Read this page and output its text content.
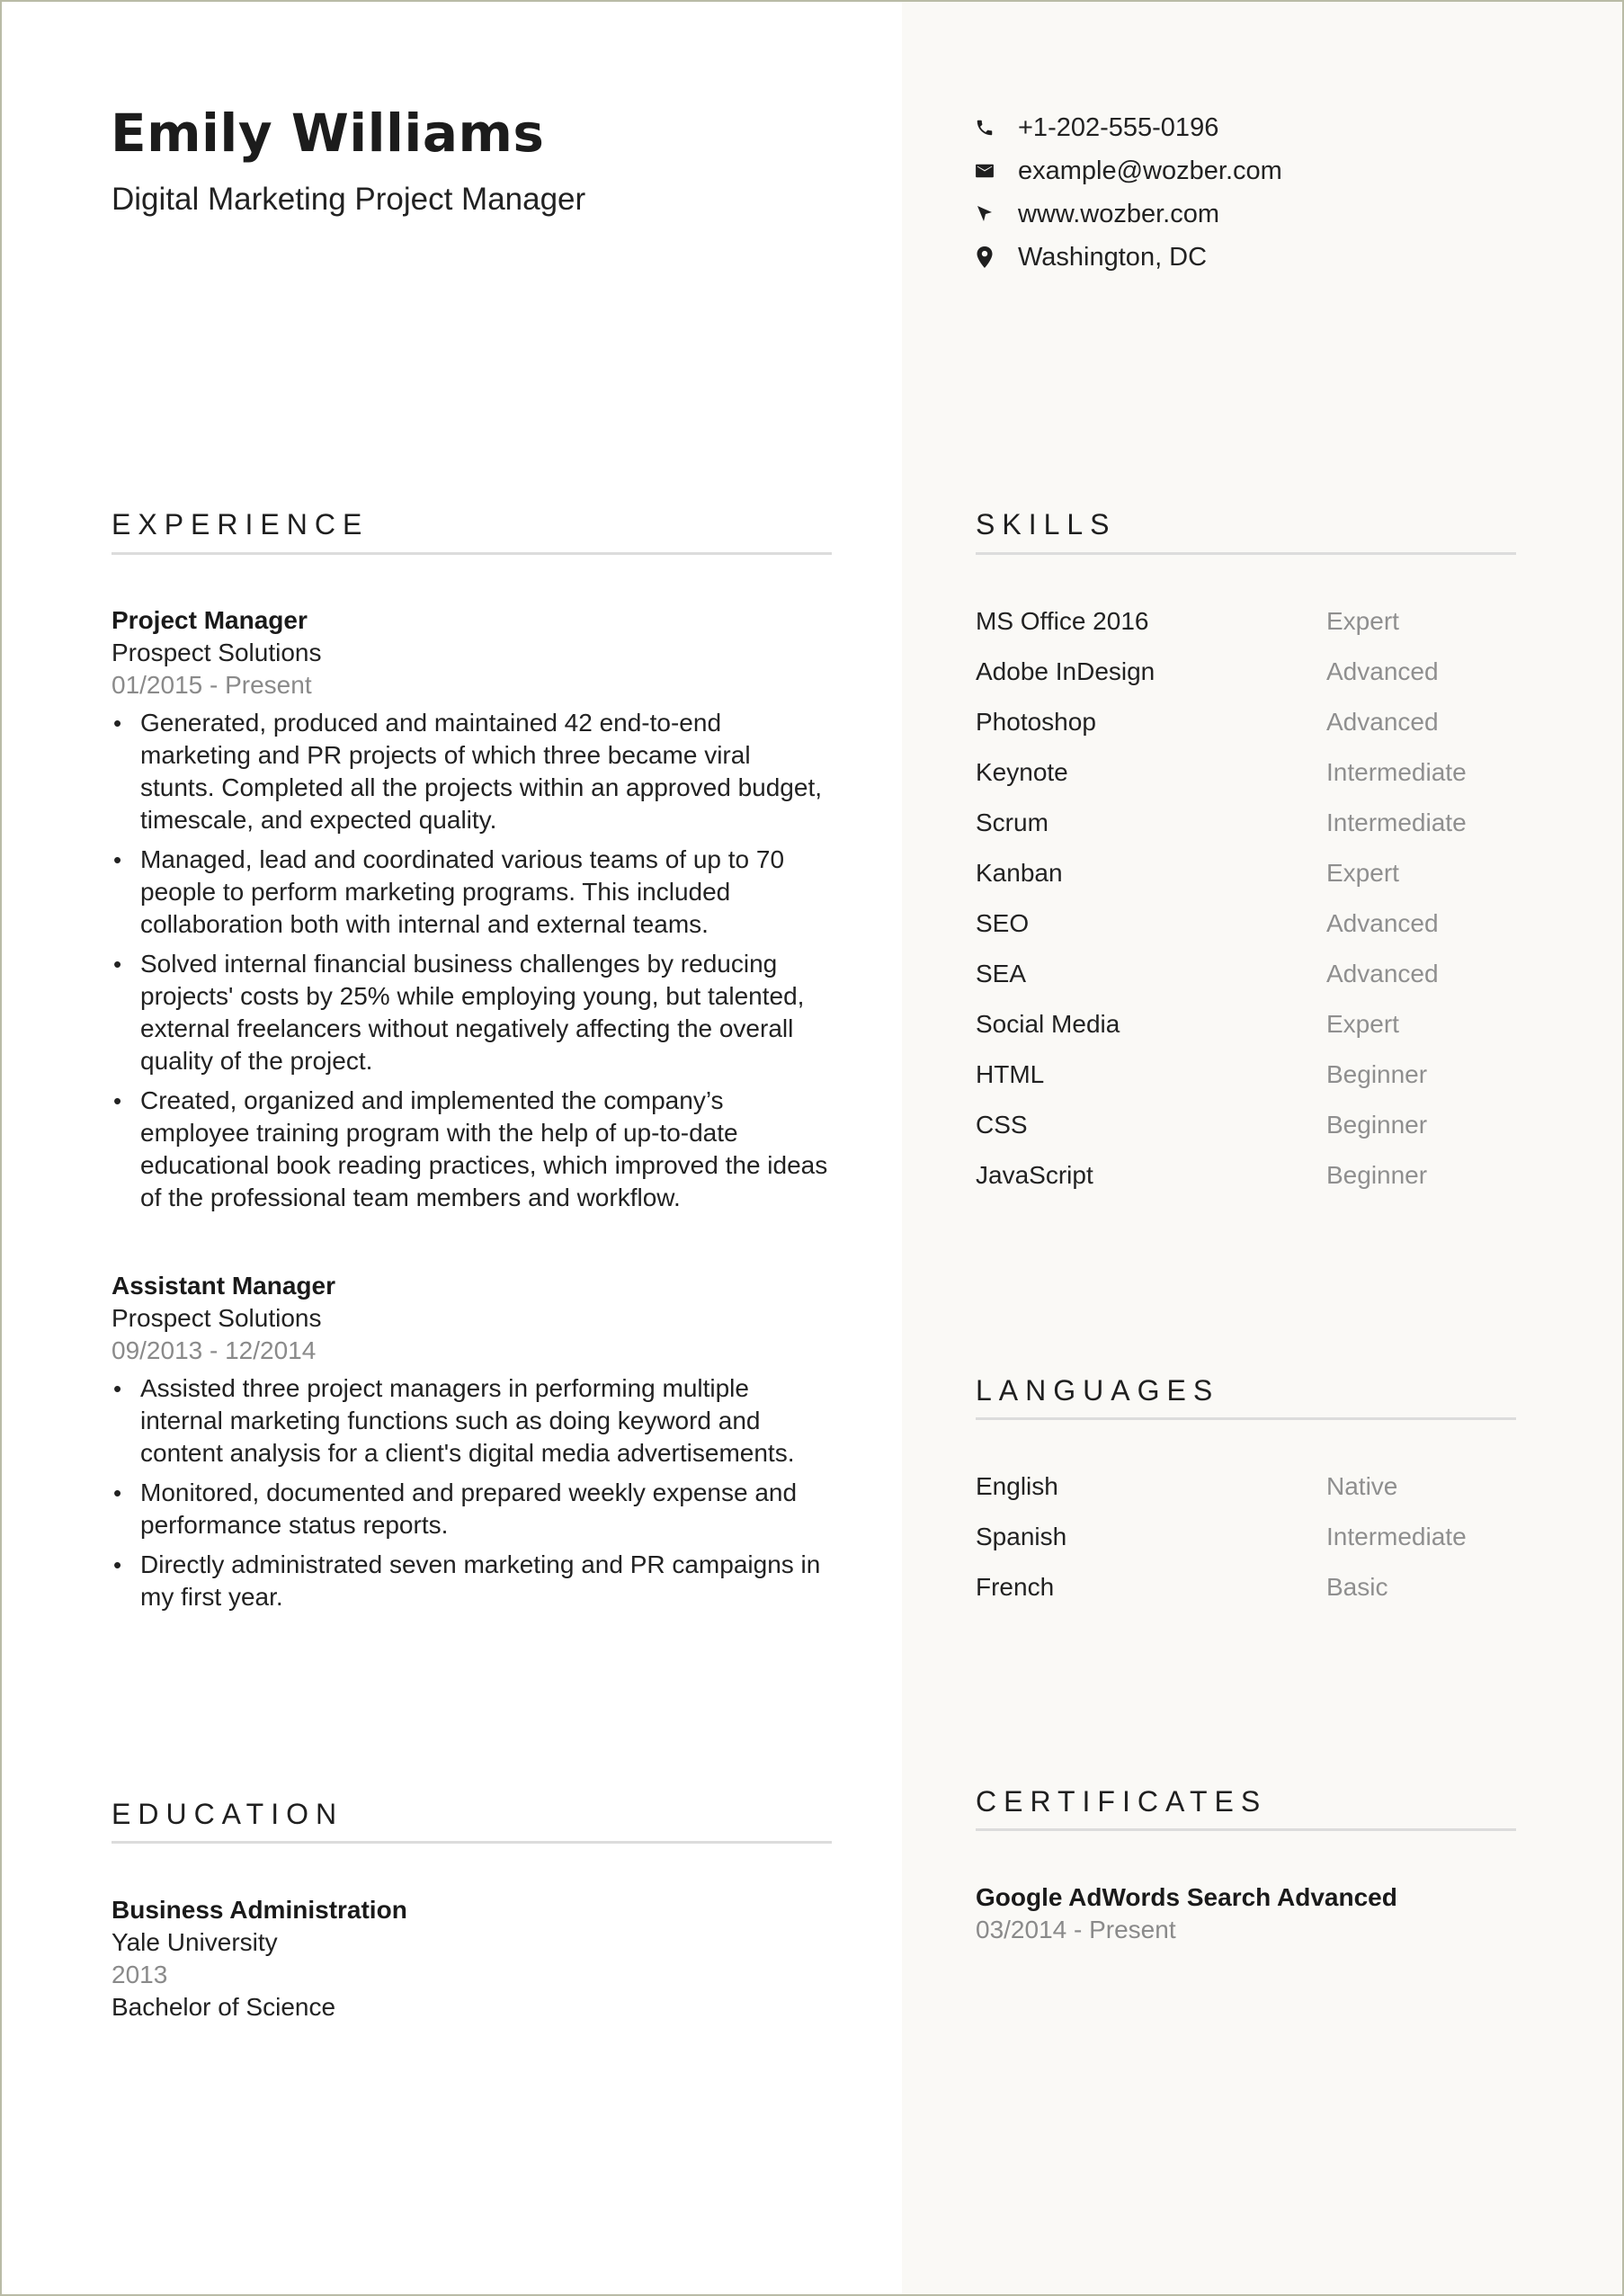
Emily Williams
Digital Marketing Project Manager
+1-202-555-0196
example@wozber.com
www.wozber.com
Washington, DC
EXPERIENCE
Project Manager
Prospect Solutions
01/2015 - Present
• Generated, produced and maintained 42 end-to-end marketing and PR projects of which three became viral stunts. Completed all the projects within an approved budget, timescale, and expected quality.
• Managed, lead and coordinated various teams of up to 70 people to perform marketing programs. This included collaboration both with internal and external teams.
• Solved internal financial business challenges by reducing projects' costs by 25% while employing young, but talented, external freelancers without negatively affecting the overall quality of the project.
• Created, organized and implemented the company’s employee training program with the help of up-to-date educational book reading practices, which improved the ideas of the professional team members and workflow.
Assistant Manager
Prospect Solutions
09/2013 - 12/2014
• Assisted three project managers in performing multiple internal marketing functions such as doing keyword and content analysis for a client's digital media advertisements.
• Monitored, documented and prepared weekly expense and performance status reports.
• Directly administrated seven marketing and PR campaigns in my first year.
EDUCATION
Business Administration
Yale University
2013
Bachelor of Science
SKILLS
MS Office 2016	Expert
Adobe InDesign	Advanced
Photoshop	Advanced
Keynote	Intermediate
Scrum	Intermediate
Kanban	Expert
SEO	Advanced
SEA	Advanced
Social Media	Expert
HTML	Beginner
CSS	Beginner
JavaScript	Beginner
LANGUAGES
English	Native
Spanish	Intermediate
French	Basic
CERTIFICATES
Google AdWords Search Advanced
03/2014 - Present
